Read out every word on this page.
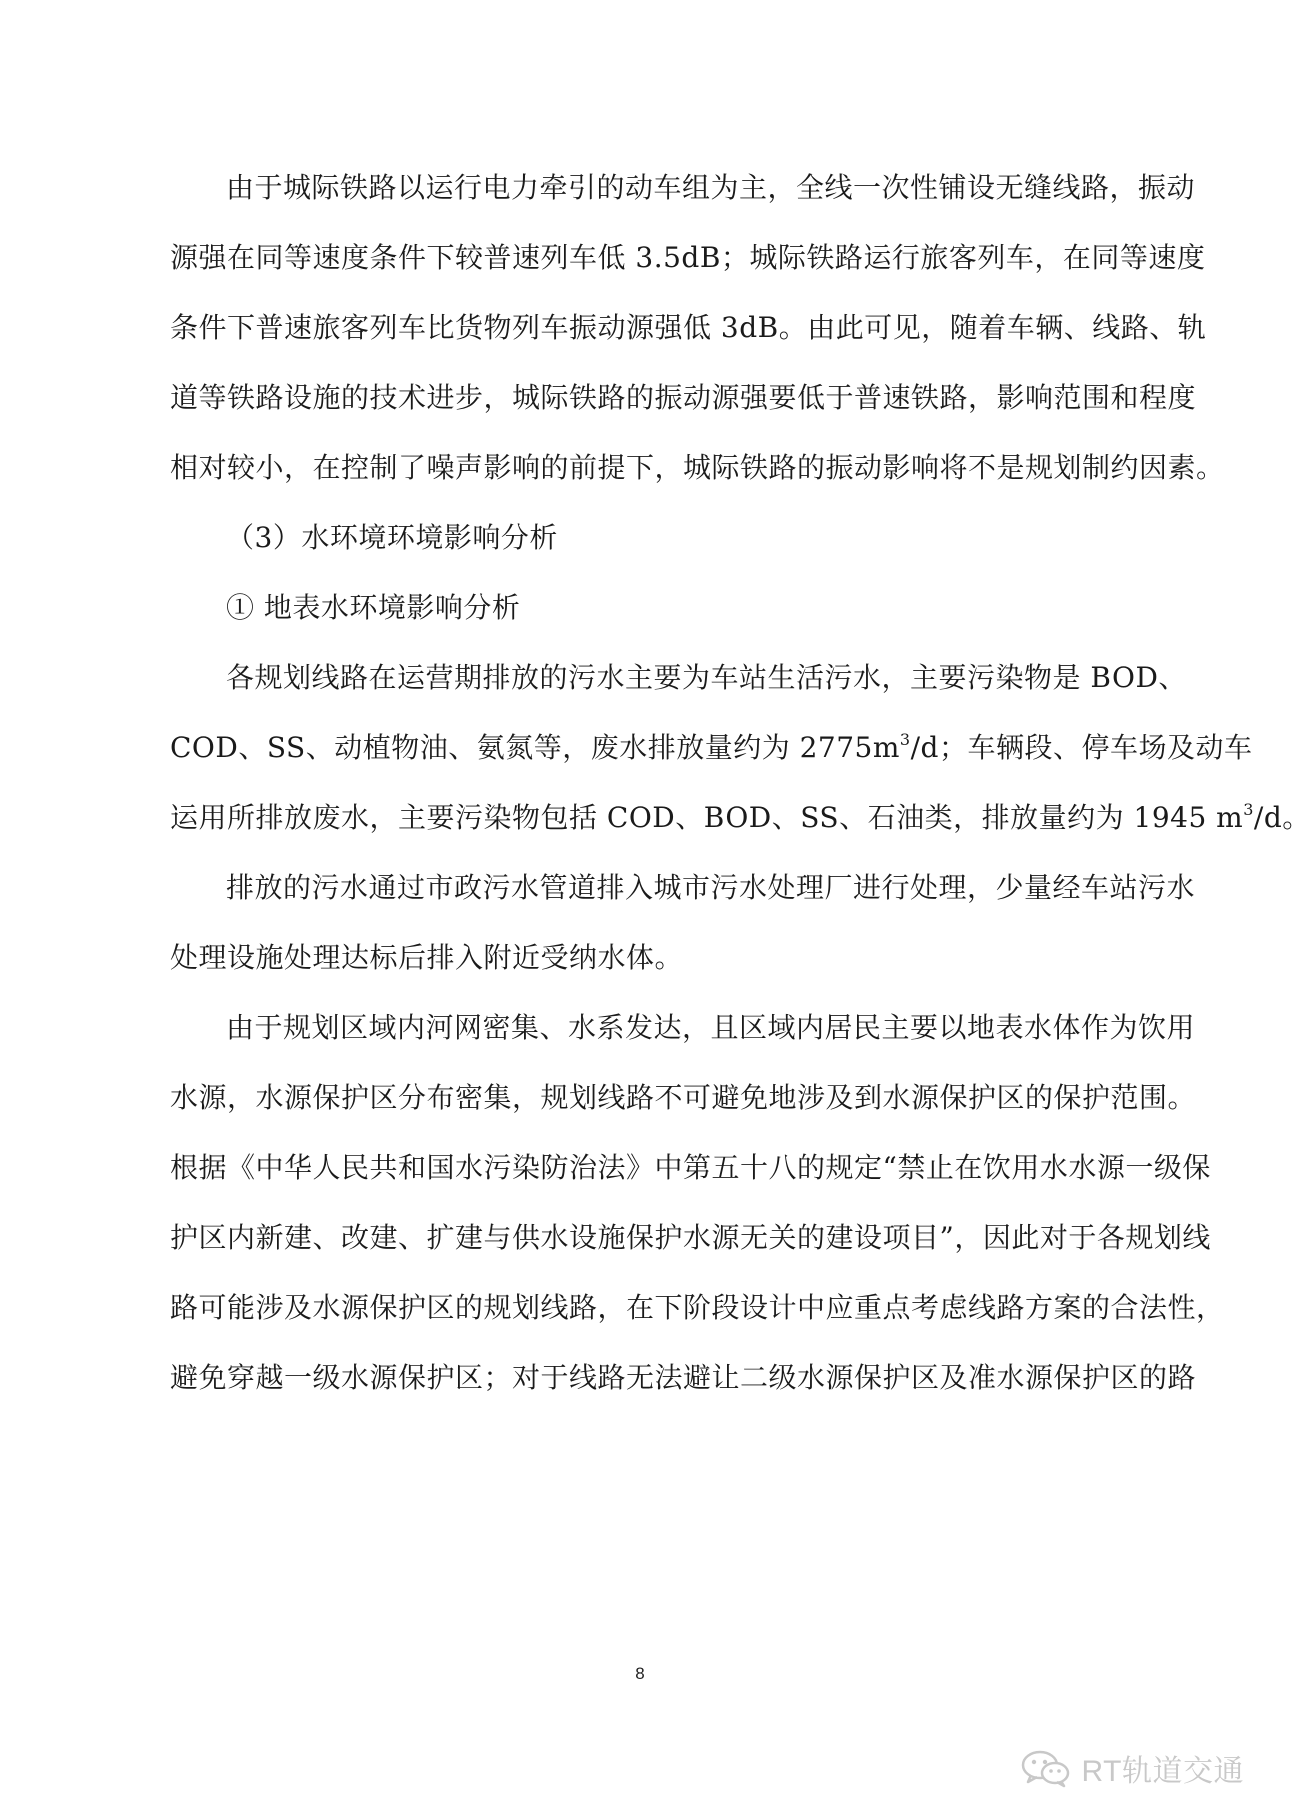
由于城际铁路以运行电力牵引的动车组为主，全线一次性铺设无缝线路，振动
源强在同等速度条件下较普速列车低 3.5dB；城际铁路运行旅客列车，在同等速度
条件下普速旅客列车比货物列车振动源强低 3dB。由此可见，随着车辆、线路、轨
道等铁路设施的技术进步，城际铁路的振动源强要低于普速铁路，影响范围和程度
相对较小，在控制了噪声影响的前提下，城际铁路的振动影响将不是规划制约因素。
（3）水环境环境影响分析
① 地表水环境影响分析
各规划线路在运营期排放的污水主要为车站生活污水，主要污染物是 BOD、
COD、SS、动植物油、氨氮等，废水排放量约为 $2775m^3$ /d；车辆段、停车场及动车
运用所排放废水，主要污染物包括 COD、BOD、SS、石油类，排放量约为 1945 $m^3/d$。
排放的污水通过市政污水管道排入城市污水处理厂进行处理，少量经车站污水
处理设施处理达标后排入附近受纳水体。
由于规划区域内河网密集、水系发达，且区域内居民主要以地表水体作为饮用
水源，水源保护区分布密集，规划线路不可避免地涉及到水源保护区的保护范围。
根据《中华人民共和国水污染防治法》中第五十八的规定“禁止在饮用水水源一级保
护区内新建、改建、扩建与供水设施保护水源无关的建设项目”，因此对于各规划线
路可能涉及水源保护区的规划线路，在下阶段设计中应重点考虑线路方案的合法性，
避免穿越一级水源保护区；对于线路无法避让二级水源保护区及准水源保护区的路
8
RT轨道交通
